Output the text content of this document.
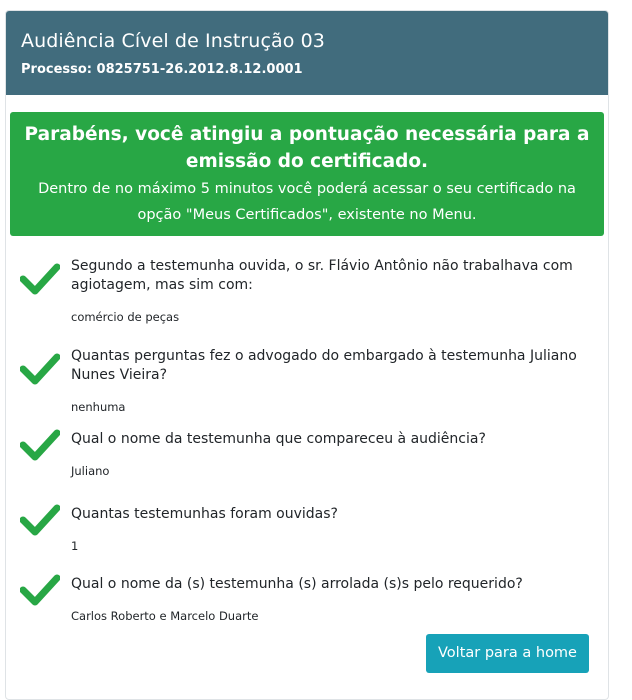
Audiência Cível de Instrução 03

Processo: 0825751-26.2012.8.12.0001

Parabéns, você atingiu a pontuação necessária para a emissão do certificado.

Dentro de no máximo 5 minutos você poderá acessar o seu certificado na opção "Meus Certificados", existente no Menu.

Segundo a testemunha ouvida, o sr. Flávio Antônio não trabalhava com agiotagem, mas sim com:

comércio de peças

Quantas perguntas fez o advogado do embargado à testemunha Juliano Nunes Vieira?

nenhuma

Qual o nome da testemunha que compareceu à audiência?

Juliano

Quantas testemunhas foram ouvidas?

1

Qual o nome da (s) testemunha (s) arrolada (s)s pelo requerido?

Carlos Roberto e Marcelo Duarte

Voltar para a home
